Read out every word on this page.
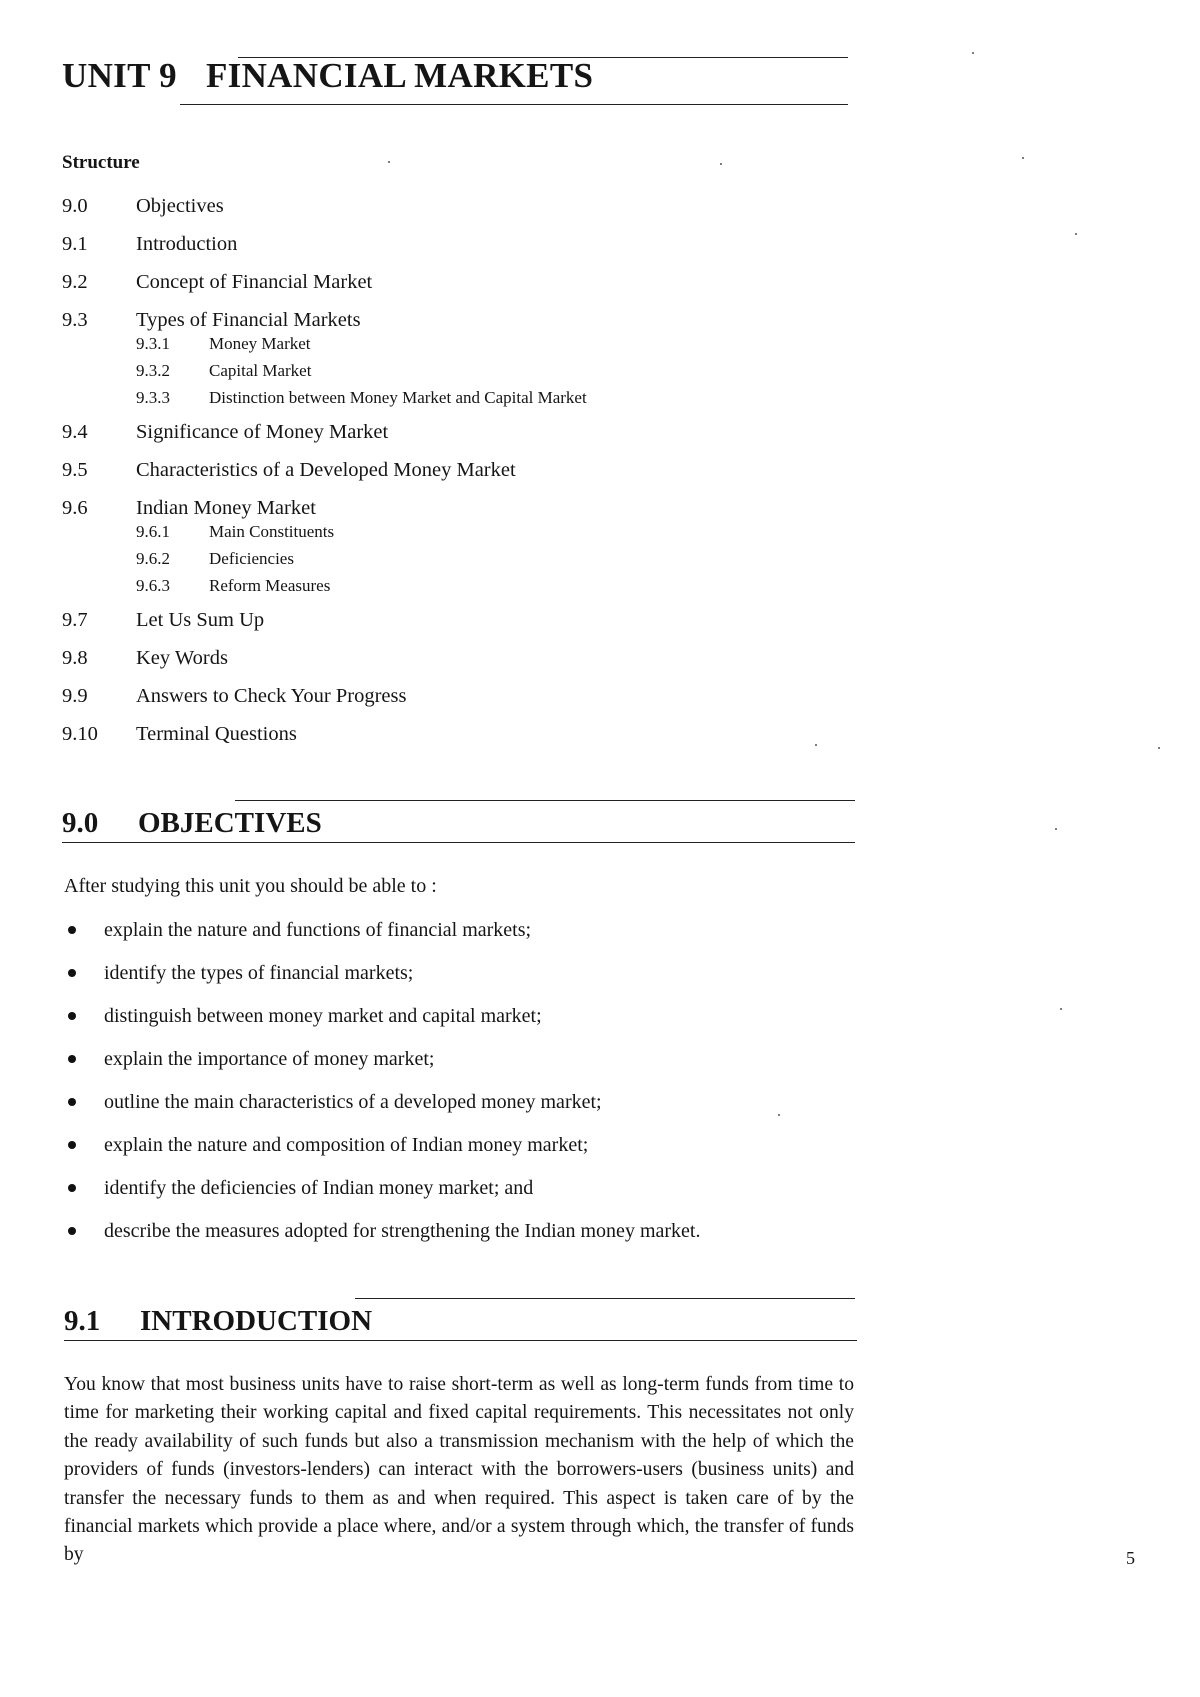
UNIT 9 FINANCIAL MARKETS
Structure
9.0	Objectives
9.1	Introduction
9.2	Concept of Financial Market
9.3	Types of Financial Markets
9.3.1	Money Market
9.3.2	Capital Market
9.3.3	Distinction between Money Market and Capital Market
9.4	Significance of Money Market
9.5	Characteristics of a Developed Money Market
9.6	Indian Money Market
9.6.1	Main Constituents
9.6.2	Deficiencies
9.6.3	Reform Measures
9.7	Let Us Sum Up
9.8	Key Words
9.9	Answers to Check Your Progress
9.10	Terminal Questions
9.0 OBJECTIVES
After studying this unit you should be able to :
explain the nature and functions of financial markets;
identify the types of financial markets;
distinguish between money market and capital market;
explain the importance of money market;
outline the main characteristics of a developed money market;
explain the nature and composition of Indian money market;
identify the deficiencies of Indian money market; and
describe the measures adopted for strengthening the Indian money market.
9.1 INTRODUCTION

You know that most business units have to raise short-term as well as long-term funds from time to time for marketing their working capital and fixed capital requirements. This necessitates not only the ready availability of such funds but also a transmission mechanism with the help of which the providers of funds (investors-lenders) can interact with the borrowers-users (business units) and transfer the necessary funds to them as and when required. This aspect is taken care of by the financial markets which provide a place where, and/or a system through which, the transfer of funds by	5
